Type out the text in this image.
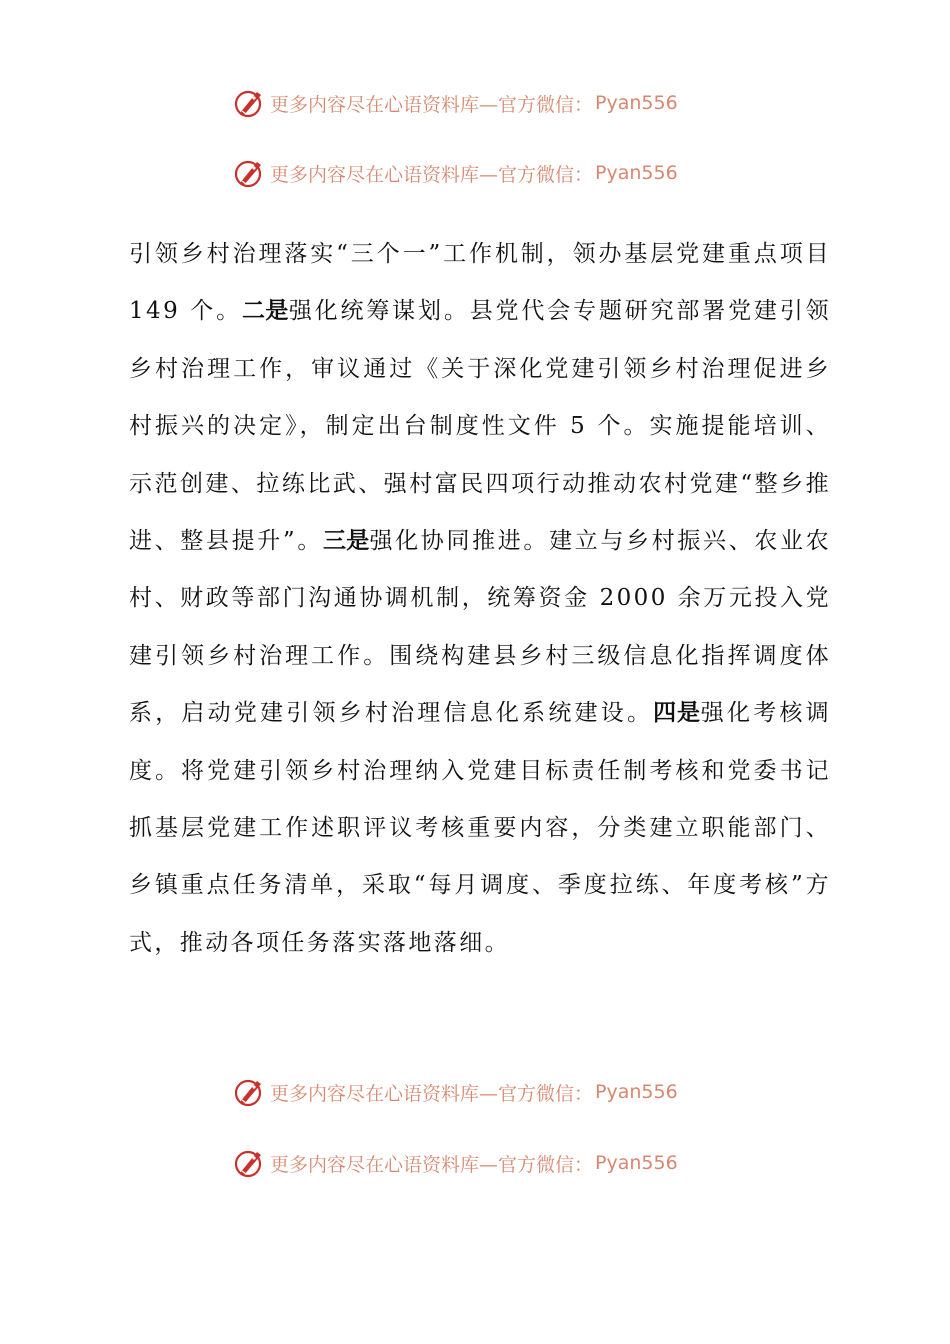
更多内容尽在心语资料库—官方微信： Pyan556
更多内容尽在心语资料库—官方微信： Pyan556

引领乡村治理落实“三个一”工作机制，领办基层党建重点项目 149 个。二是强化统筹谋划。县党代会专题研究部署党建引领乡村治理工作，审议通过《关于深化党建引领乡村治理促进乡村振兴的决定》，制定出台制度性文件 5 个。实施提能培训、示范创建、拉练比武、强村富民四项行动推动农村党建“整乡推进、整县提升”。三是强化协同推进。建立与乡村振兴、农业农村、财政等部门沟通协调机制，统筹资金 2000 余万元投入党建引领乡村治理工作。围绕构建县乡村三级信息化指挥调度体系，启动党建引领乡村治理信息化系统建设。四是强化考核调度。将党建引领乡村治理纳入党建目标责任制考核和党委书记抓基层党建工作述职评议考核重要内容，分类建立职能部门、乡镇重点任务清单，采取“每月调度、季度拉练、年度考核”方式，推动各项任务落实落地落细。

更多内容尽在心语资料库—官方微信： Pyan556
更多内容尽在心语资料库—官方微信： Pyan556
